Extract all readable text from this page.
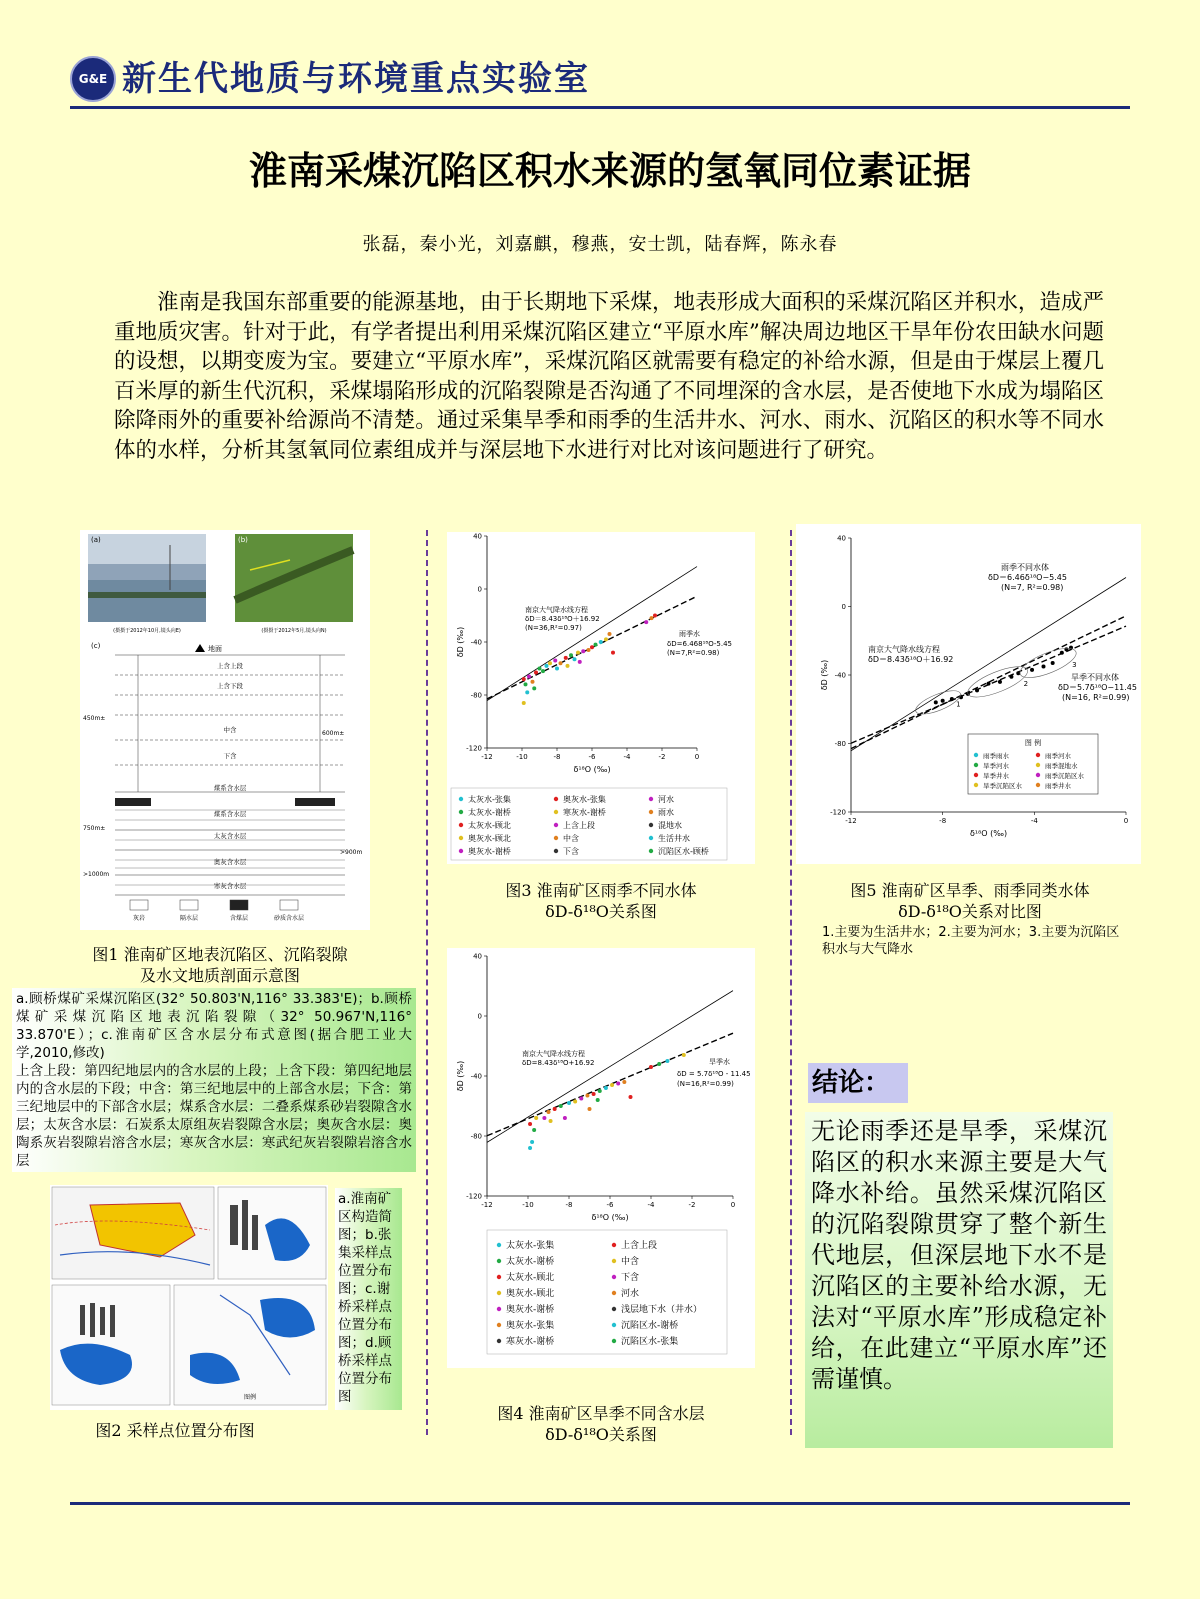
G&E 新生代地质与环境重点实验室
淮南采煤沉陷区积水来源的氢氧同位素证据
张磊，秦小光，刘嘉麒，穆燕，安士凯，陆春辉，陈永春
淮南是我国东部重要的能源基地，由于长期地下采煤，地表形成大面积的采煤沉陷区并积水，造成严重地质灾害。针对于此，有学者提出利用采煤沉陷区建立“平原水库”解决周边地区干旱年份农田缺水问题的设想，以期变废为宝。要建立“平原水库”，采煤沉陷区就需要有稳定的补给水源，但是由于煤层上覆几百米厚的新生代沉积，采煤塌陷形成的沉陷裂隙是否沟通了不同埋深的含水层，是否使地下水成为塌陷区除降雨外的重要补给源尚不清楚。通过采集旱季和雨季的生活井水、河水、雨水、沉陷区的积水等不同水体的水样，分析其氢氧同位素组成并与深层地下水进行对比对该问题进行了研究。
(a)
(摄摄于2012年10月,镜头向E)
(b)
(摄摄于2012年5月,镜头向N)
(c)	地面
上含上段
上含下段
中含
下含
煤系含水层
煤系含水层
太灰含水层
奥灰含水层
寒灰含水层
450m±
600m±
750m±
>900m
>1000m
灰岩	隔水层	含煤层	砂质含水层
图1 淮南矿区地表沉陷区、沉陷裂隙
及水文地质剖面示意图
a.顾桥煤矿采煤沉陷区(32° 50.803'N,116° 33.383'E)；b.顾桥煤矿采煤沉陷区地表沉陷裂隙（32° 50.967'N,116° 33.870'E）；c.淮南矿区含水层分布式意图(据合肥工业大学,2010,修改)
上含上段：第四纪地层内的含水层的上段；上含下段：第四纪地层内的含水层的下段；中含：第三纪地层中的上部含水层；下含：第三纪地层中的下部含水层；煤系含水层：二叠系煤系砂岩裂隙含水层；太灰含水层：石炭系太原组灰岩裂隙含水层；奥灰含水层：奥陶系灰岩裂隙岩溶含水层；寒灰含水层：寒武纪灰岩裂隙岩溶含水层
图例
a.淮南矿区构造简图；b.张集采样点位置分布图；c.谢桥采样点位置分布图；d.顾桥采样点位置分布图
图2 采样点位置分布图
南京大气降水线方程
δD＝8.43δ¹⁸O＋16.92
(N=36,R²=0.97)
雨季水
δD=6.468¹⁸O-5.45
(N=7,R²=0.98)
太灰水-张集	奥灰水-张集	河水
太灰水-谢桥	寒灰水-谢桥	雨水
太灰水-顾北	上含上段	混地水
奥灰水-顾北	中含	生活井水
奥灰水-谢桥	下含	沉陷区水-顾桥
-12	-10	-8	-6	-4	-2	0
-120
-80
-40
0
40
δ¹⁸O (‰)
δD (‰)
图3 淮南矿区雨季不同水体
δD-δ¹⁸O关系图
南京大气降水线方程
δD=8.43δ¹⁸O+16.92	旱季水
δD = 5.7δ¹⁸O - 11.45
(N=16,R²=0.99)
太灰水-张集	上含上段
太灰水-谢桥	中含
太灰水-顾北	下含
奥灰水-顾北	河水
奥灰水-谢桥	浅层地下水（井水）
奥灰水-张集	沉陷区水-谢桥
寒灰水-谢桥	沉陷区水-张集
-12	-10	-8	-6	-4	-2	0
-120
-80
-40
0
40
δ¹⁸O (‰)
δD (‰)
图4 淮南矿区旱季不同含水层
δD-δ¹⁸O关系图
雨季不同水体
δD＝6.46δ¹⁸O−5.45
(N=7, R²=0.98)
南京大气降水线方程
δD＝8.43δ¹⁸O＋16.92
旱季不同水体
δD＝5.7δ¹⁸O−11.45
(N=16, R²=0.99)
图 例
雨季雨水	雨季河水
旱季河水	雨季混地水
旱季井水	雨季沉陷区水
旱季沉陷区水	雨季井水
-12	-8	-4	0
-120
-80
-40
0
40
δ¹⁸O (‰)
δD (‰)
1
2
3
图5 淮南矿区旱季、雨季同类水体
δD-δ¹⁸O关系对比图
1.主要为生活井水；2.主要为河水；3.主要为沉陷区积水与大气降水
结论：
无论雨季还是旱季，采煤沉陷区的积水来源主要是大气降水补给。虽然采煤沉陷区的沉陷裂隙贯穿了整个新生代地层，但深层地下水不是沉陷区的主要补给水源，无法对“平原水库”形成稳定补给，在此建立“平原水库”还需谨慎。
